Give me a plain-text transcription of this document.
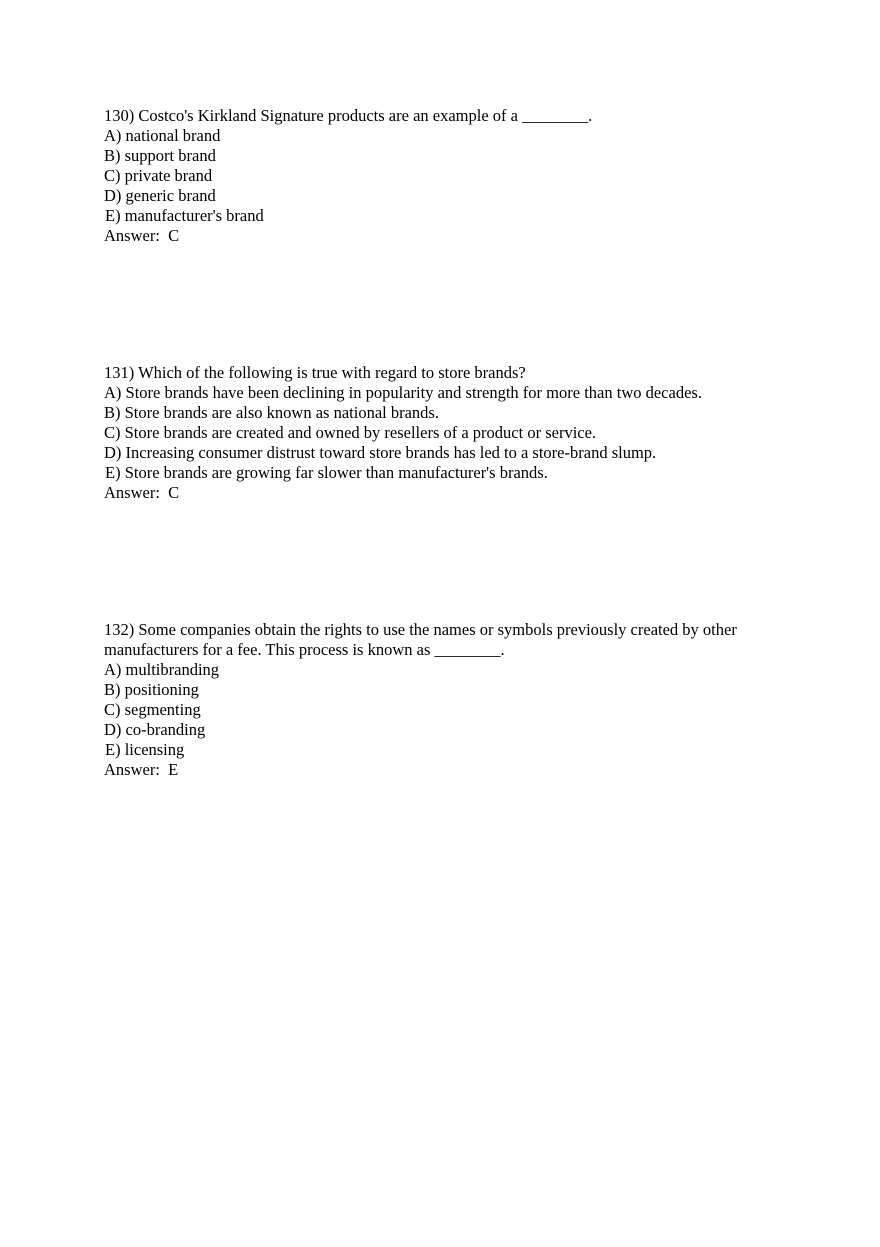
130) Costco's Kirkland Signature products are an example of a ________.
A) national brand
B) support brand
C) private brand
D) generic brand
E) manufacturer's brand
Answer:  C
131) Which of the following is true with regard to store brands?
A) Store brands have been declining in popularity and strength for more than two decades.
B) Store brands are also known as national brands.
C) Store brands are created and owned by resellers of a product or service.
D) Increasing consumer distrust toward store brands has led to a store-brand slump.
E) Store brands are growing far slower than manufacturer's brands.
Answer:  C
132) Some companies obtain the rights to use the names or symbols previously created by other
manufacturers for a fee. This process is known as ________.
A) multibranding
B) positioning
C) segmenting
D) co-branding
E) licensing
Answer:  E
